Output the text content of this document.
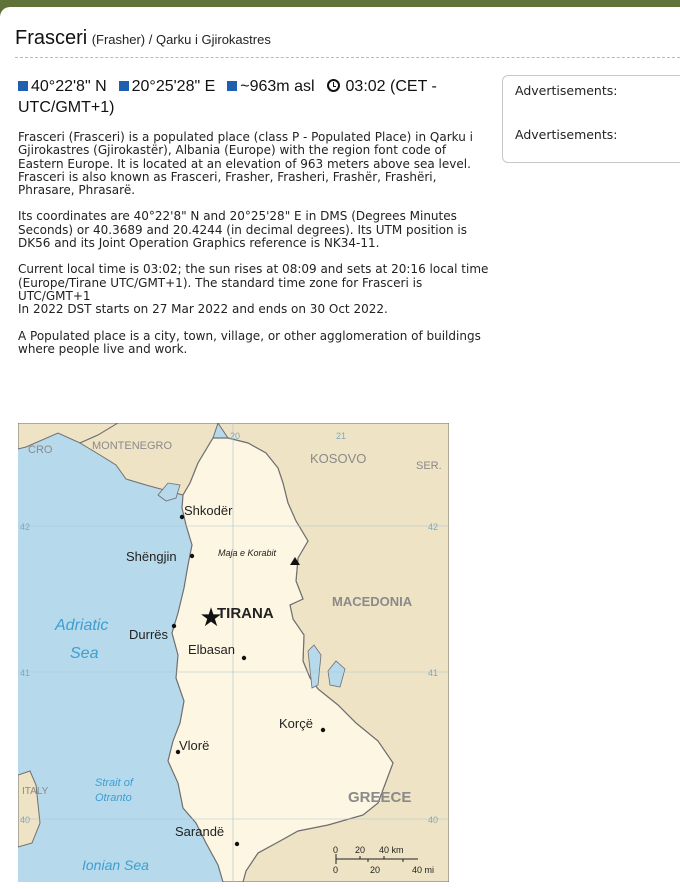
Frasceri (Frasher) / Qarku i Gjirokastres
40°22'8" N 20°25'28" E ~963m asl 03:02 (CET - UTC/GMT+1)
Advertisements:
Advertisements:

Frasceri (Frasceri) is a populated place (class P - Populated Place) in Qarku i Gjirokastres (Gjirokastër), Albania (Europe) with the region font code of Eastern Europe. It is located at an elevation of 963 meters above sea level.

Frasceri is also known as Frasceri, Frasher, Frasheri, Frashër, Frashëri, Phrasare, Phrasarë.

Its coordinates are 40°22'8" N and 20°25'28" E in DMS (Degrees Minutes Seconds) or 40.3689 and 20.4244 (in decimal degrees). Its UTM position is DK56 and its Joint Operation Graphics reference is NK34-11.

Current local time is 03:02; the sun rises at 08:09 and sets at 20:16 local time (Europe/Tirane UTC/GMT+1). The standard time zone for Frasceri is UTC/GMT+1

In 2022 DST starts on 27 Mar 2022 and ends on 30 Oct 2022.

A Populated place is a city, town, village, or other agglomeration of buildings where people live and work.

20	21
42	42
41	41
40	40
CRO	MONTENEGRO
KOSOVO	SER.
MACEDONIA
GREECE
ITALY
Adriatic
Sea
Ionian Sea
Strait of
Otranto
Shkodër
Shëngjin	Maja e Korabit
★
TIRANA
Durrës
Elbasan
Korçë
Vlorë
Sarandë
0 20 40 km
0	20	40 mi
